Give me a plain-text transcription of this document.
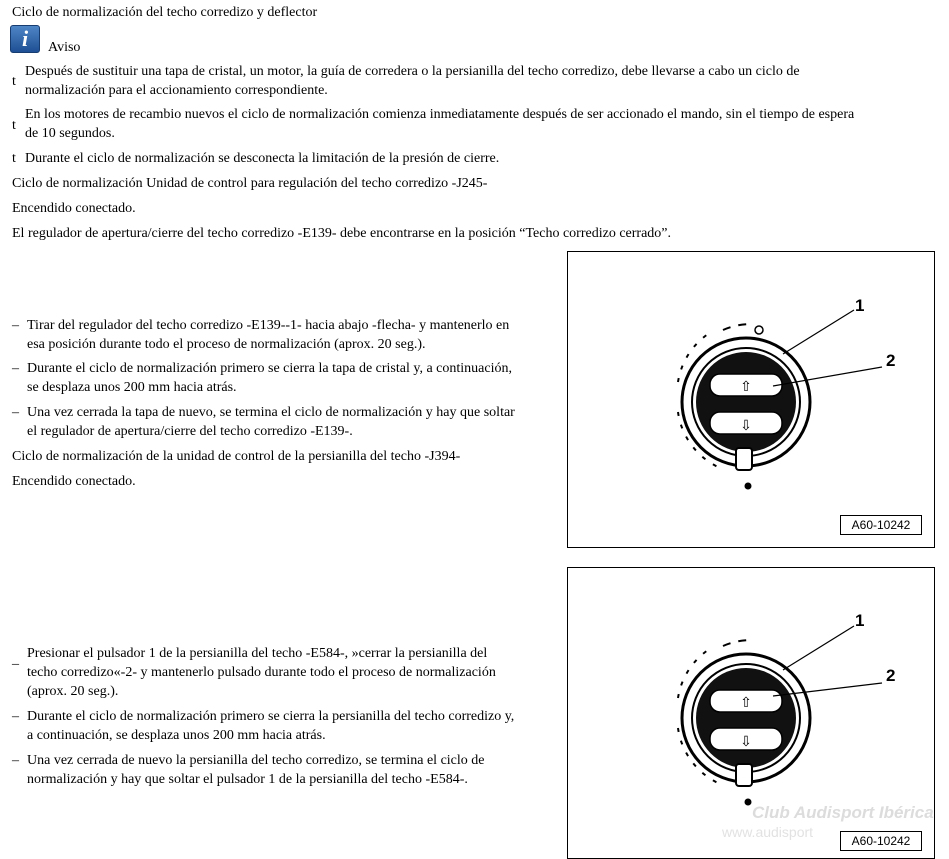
Ciclo de normalización del techo corredizo y deflector
i	Aviso
t
Después de sustituir una tapa de cristal, un motor, la guía de corredera o la persianilla del techo corredizo, debe llevarse a cabo un ciclo de
normalización para el accionamiento correspondiente.
t
En los motores de recambio nuevos el ciclo de normalización comienza inmediatamente después de ser accionado el mando, sin el tiempo de espera
de 10 segundos.
t Durante el ciclo de normalización se desconecta la limitación de la presión de cierre.
Ciclo de normalización Unidad de control para regulación del techo corredizo -J245-
Encendido conectado.
El regulador de apertura/cierre del techo corredizo -E139- debe encontrarse en la posición “Techo corredizo cerrado”.
– Tirar del regulador del techo corredizo -E139--1- hacia abajo -flecha- y mantenerlo en
esa posición durante todo el proceso de normalización (aprox. 20 seg.).
– Durante el ciclo de normalización primero se cierra la tapa de cristal y, a continuación,
se desplaza unos 200 mm hacia atrás.
– Una vez cerrada la tapa de nuevo, se termina el ciclo de normalización y hay que soltar
el regulador de apertura/cierre del techo corredizo -E139-.
Ciclo de normalización de la unidad de control de la persianilla del techo -J394-
Encendido conectado.
_ Presionar el pulsador 1 de la persianilla del techo -E584-, »cerrar la persianilla del
techo corredizo«-2- y mantenerlo pulsado durante todo el proceso de normalización
(aprox. 20 seg.).
– Durante el ciclo de normalización primero se cierra la persianilla del techo corredizo y,
a continuación, se desplaza unos 200 mm hacia atrás.
– Una vez cerrada de nuevo la persianilla del techo corredizo, se termina el ciclo de
normalización y hay que soltar el pulsador 1 de la persianilla del techo -E584-.
⇧
⇩
1
2
A60-10242
⇧
⇩
1
2
A60-10242
Club Audisport Ibérica
www.audisport
